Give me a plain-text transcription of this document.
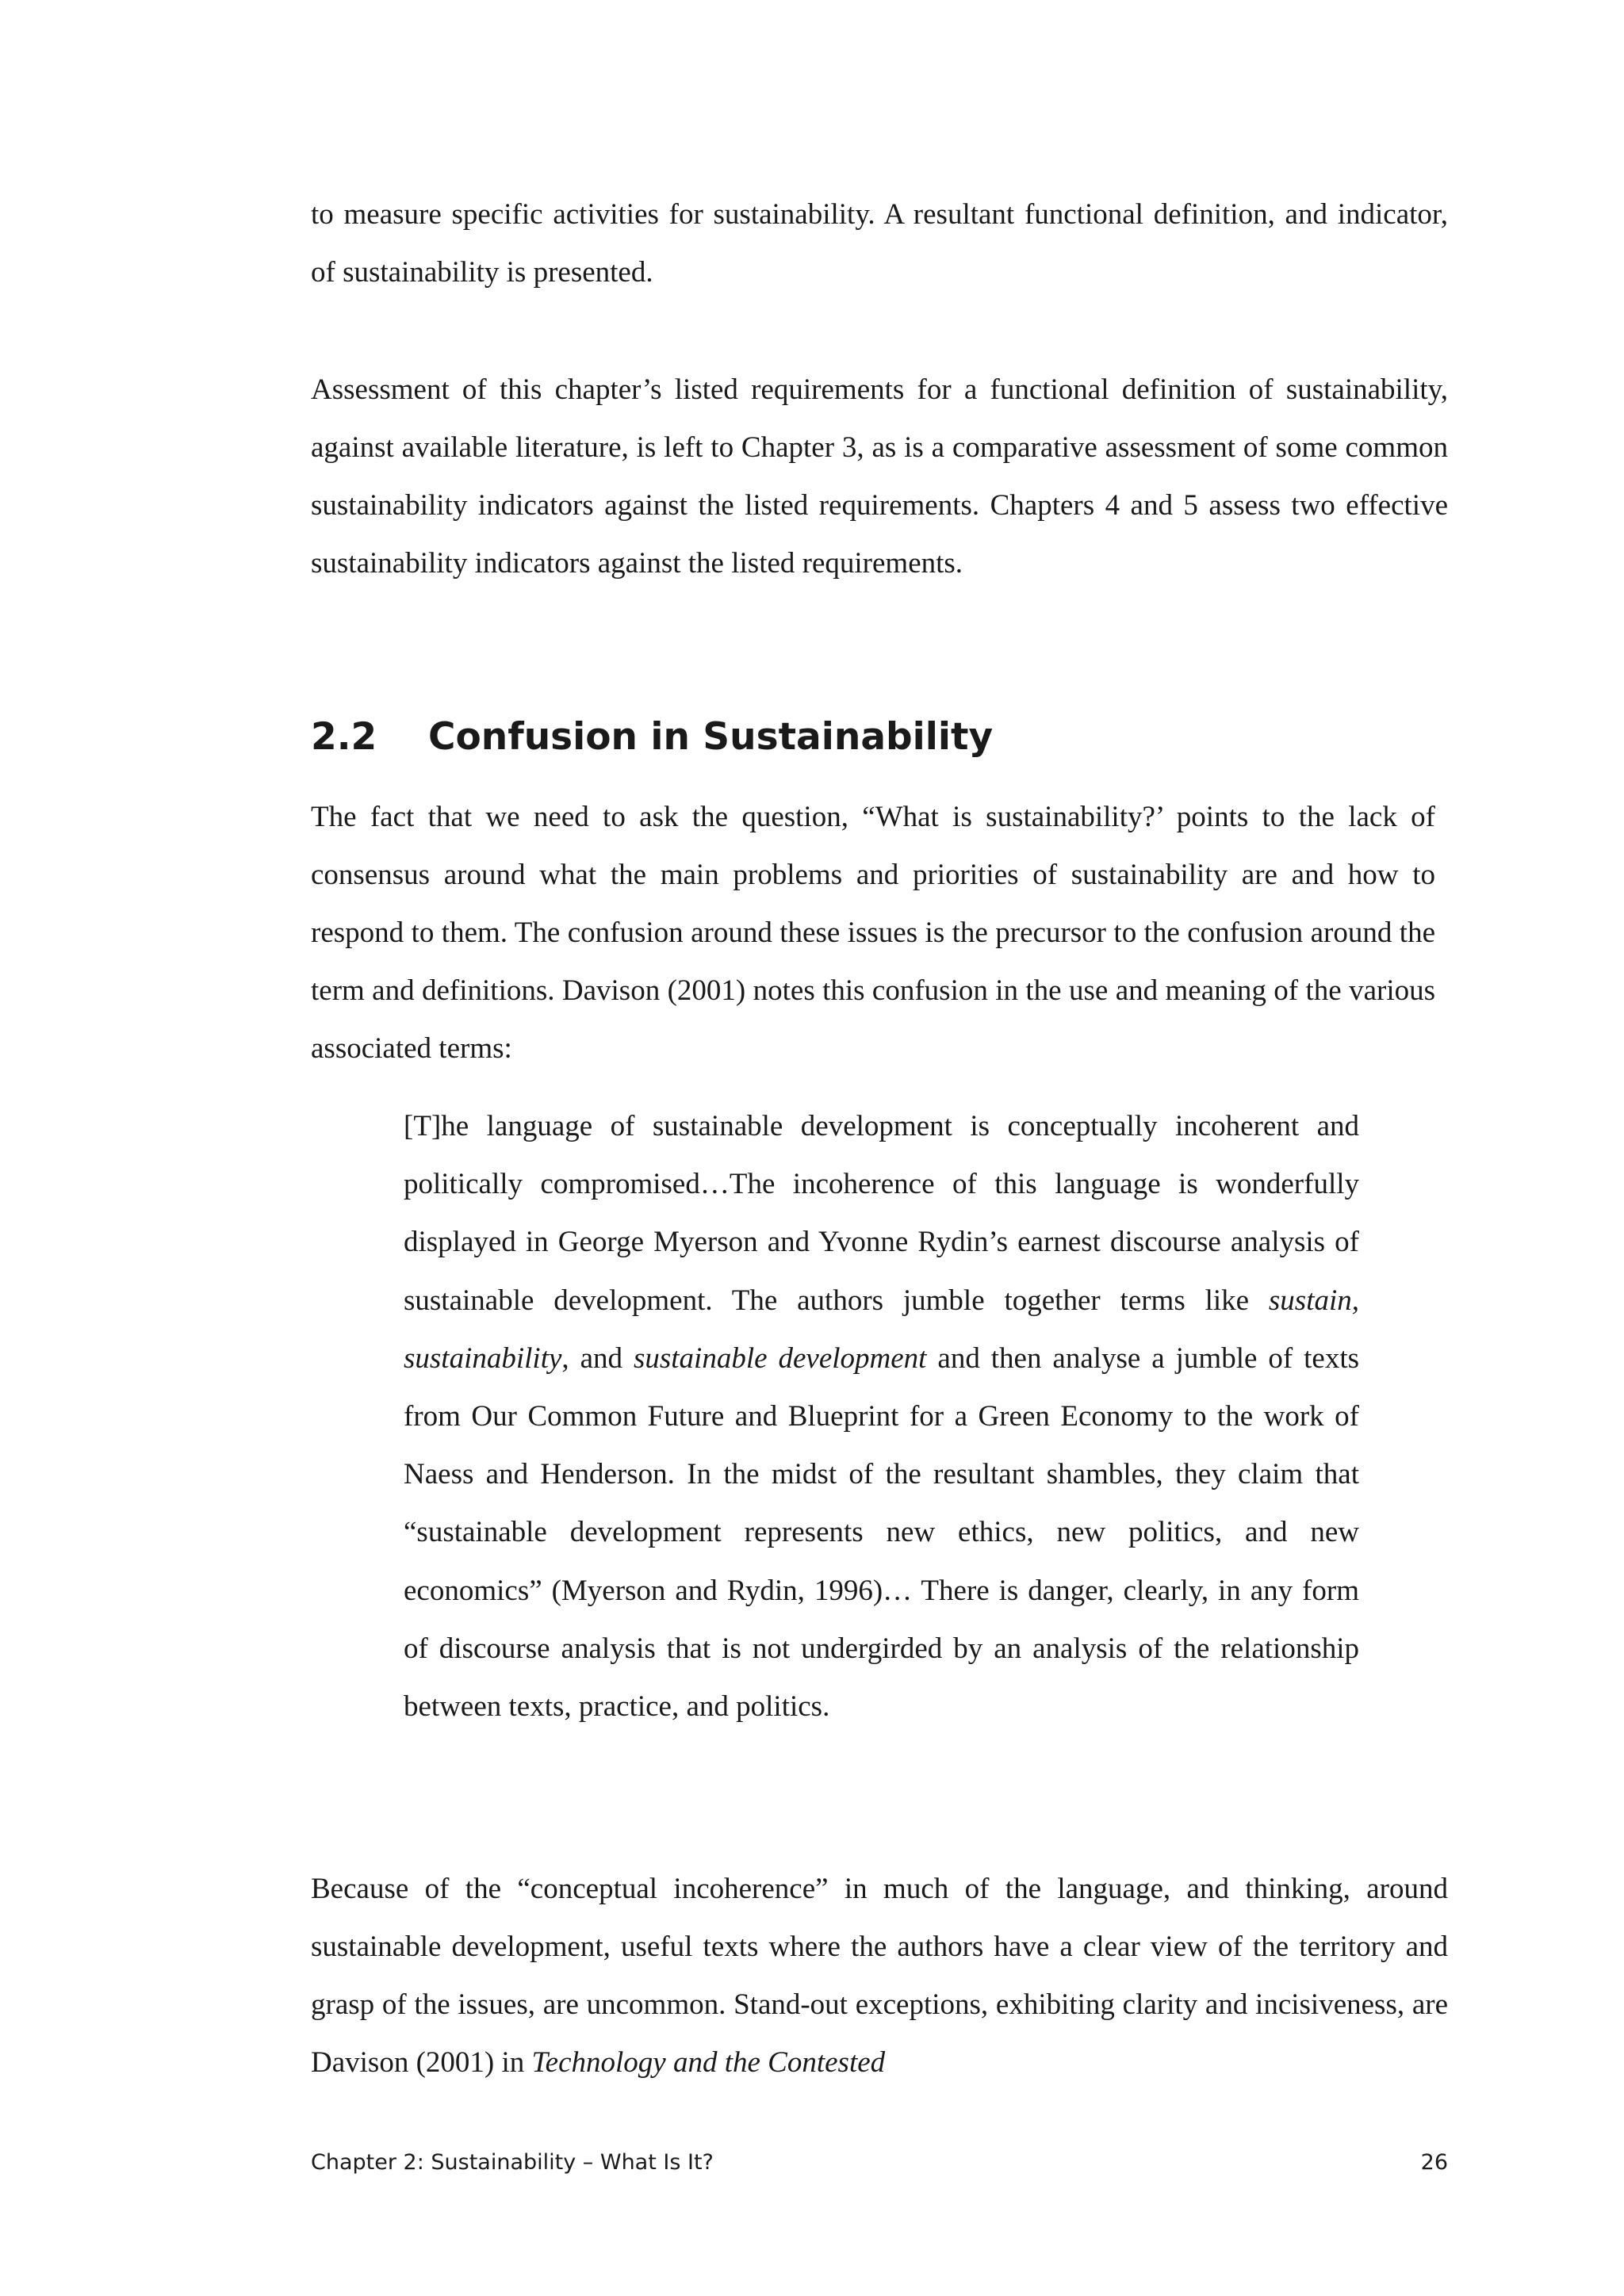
to measure specific activities for sustainability. A resultant functional definition, and indicator, of sustainability is presented.

Assessment of this chapter’s listed requirements for a functional definition of sustainability, against available literature, is left to Chapter 3, as is a comparative assessment of some common sustainability indicators against the listed requirements. Chapters 4 and 5 assess two effective sustainability indicators against the listed requirements.

2.2 Confusion in Sustainability

The fact that we need to ask the question, “What is sustainability?’ points to the lack of consensus around what the main problems and priorities of sustainability are and how to respond to them. The confusion around these issues is the precursor to the confusion around the term and definitions. Davison (2001) notes this confusion in the use and meaning of the various associated terms:

[T]he language of sustainable development is conceptually incoherent and politically compromised…The incoherence of this language is wonderfully displayed in George Myerson and Yvonne Rydin’s earnest discourse analysis of sustainable development. The authors jumble together terms like sustain, sustainability, and sustainable development and then analyse a jumble of texts from Our Common Future and Blueprint for a Green Economy to the work of Naess and Henderson. In the midst of the resultant shambles, they claim that “sustainable development represents new ethics, new politics, and new economics” (Myerson and Rydin, 1996)… There is danger, clearly, in any form of discourse analysis that is not undergirded by an analysis of the relationship between texts, practice, and politics.

Because of the “conceptual incoherence” in much of the language, and thinking, around sustainable development, useful texts where the authors have a clear view of the territory and grasp of the issues, are uncommon. Stand-out exceptions, exhibiting clarity and incisiveness, are Davison (2001) in Technology and the Contested

Chapter 2: Sustainability – What Is It?	26
